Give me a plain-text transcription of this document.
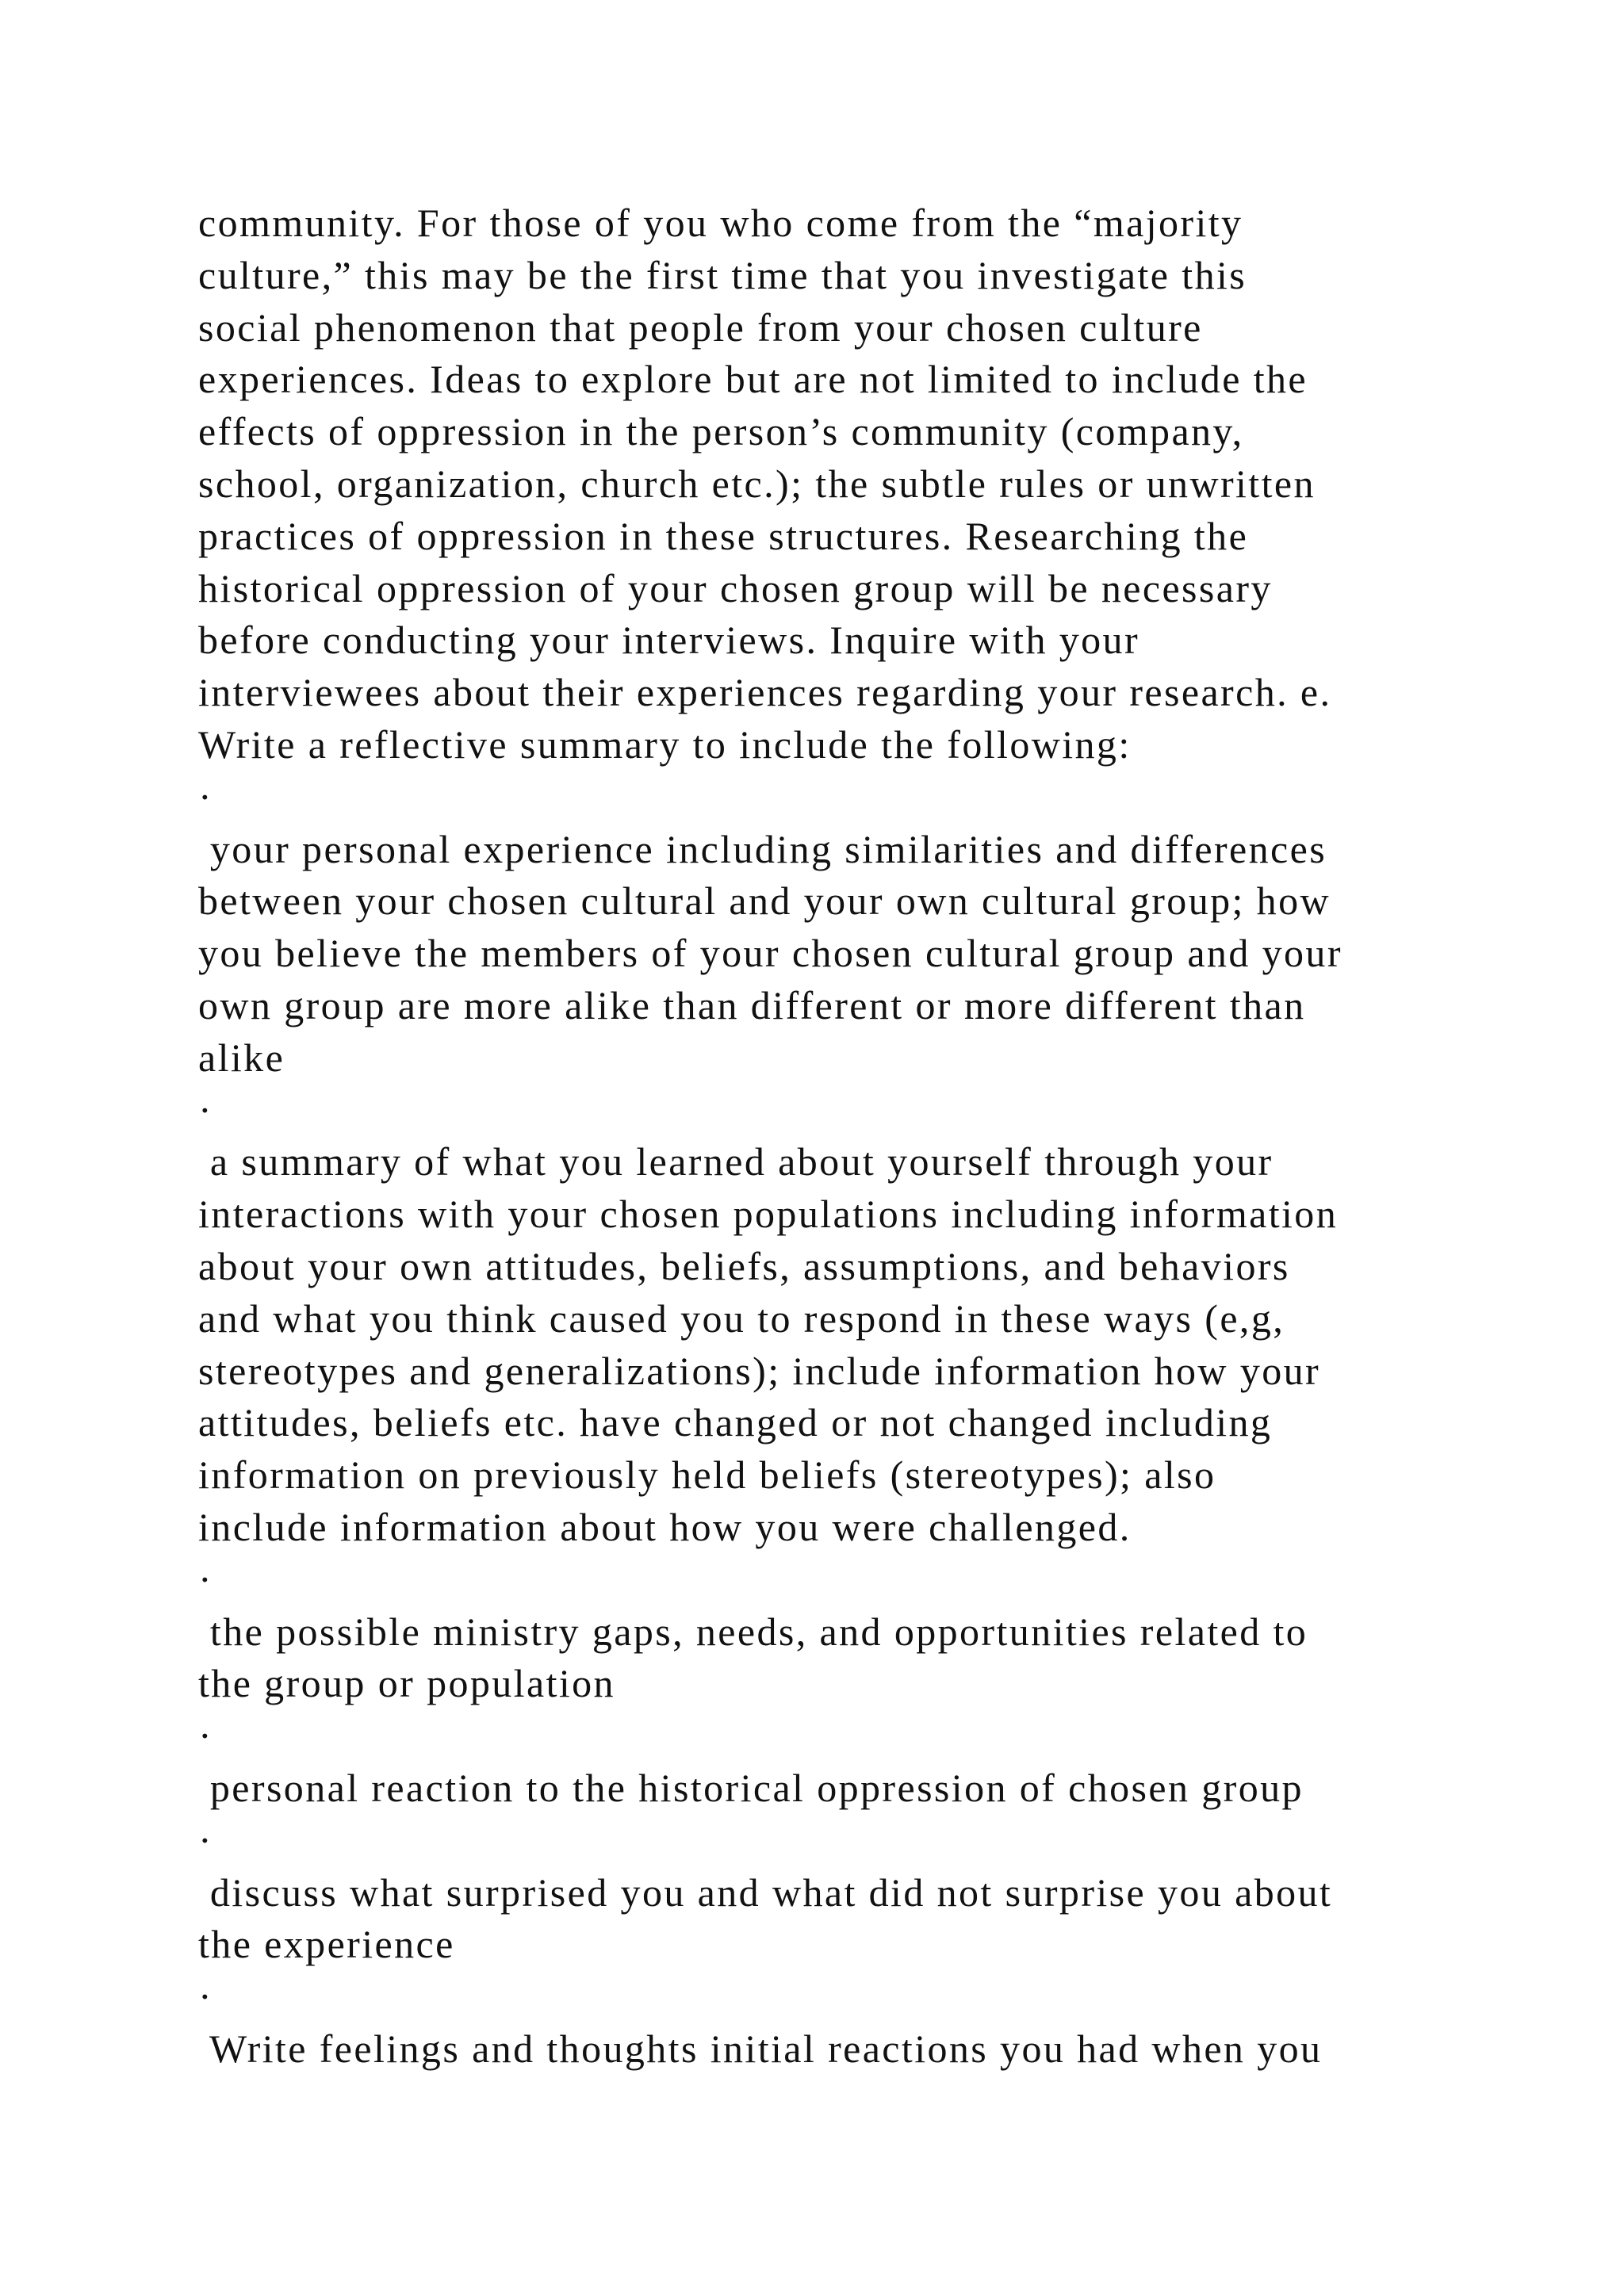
community. For those of you who come from the “majority
culture,” this may be the first time that you investigate this
social phenomenon that people from your chosen culture
experiences. Ideas to explore but are not limited to include the
effects of oppression in the person’s community (company,
school, organization, church etc.); the subtle rules or unwritten
practices of oppression in these structures. Researching the
historical oppression of your chosen group will be necessary
before conducting your interviews. Inquire with your
interviewees about their experiences regarding your research. e.
Write a reflective summary to include the following:
·
your personal experience including similarities and differences
between your chosen cultural and your own cultural group; how
you believe the members of your chosen cultural group and your
own group are more alike than different or more different than
alike
·
a summary of what you learned about yourself through your
interactions with your chosen populations including information
about your own attitudes, beliefs, assumptions, and behaviors
and what you think caused you to respond in these ways (e,g,
stereotypes and generalizations); include information how your
attitudes, beliefs etc. have changed or not changed including
information on previously held beliefs (stereotypes); also
include information about how you were challenged.
·
the possible ministry gaps, needs, and opportunities related to
the group or population
·
personal reaction to the historical oppression of chosen group
·
discuss what surprised you and what did not surprise you about
the experience
·
Write feelings and thoughts initial reactions you had when you
